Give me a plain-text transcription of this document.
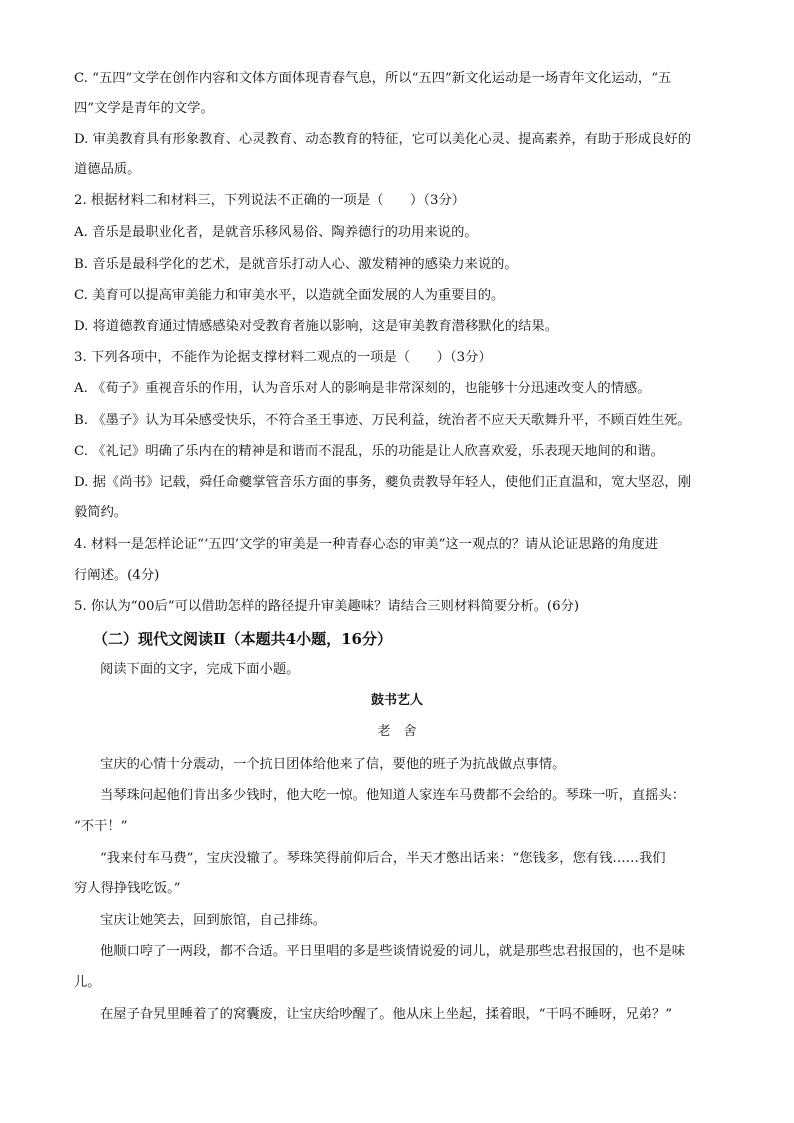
C. “五四”文学在创作内容和文体方面体现青春气息，所以“五四”新文化运动是一场青年文化运动，“五
四”文学是青年的文学。
D. 审美教育具有形象教育、心灵教育、动态教育的特征，它可以美化心灵、提高素养，有助于形成良好的
道德品质。
2. 根据材料二和材料三，下列说法不正确的一项是（　　）（3分）
A. 音乐是最职业化者，是就音乐移风易俗、陶养德行的功用来说的。
B. 音乐是最科学化的艺术，是就音乐打动人心、激发精神的感染力来说的。
C. 美育可以提高审美能力和审美水平，以造就全面发展的人为重要目的。
D. 将道德教育通过情感感染对受教育者施以影响，这是审美教育潜移默化的结果。
3. 下列各项中，不能作为论据支撑材料二观点的一项是（　　）（3分）
A. 《荀子》重视音乐的作用，认为音乐对人的影响是非常深刻的，也能够十分迅速改变人的情感。
B. 《墨子》认为耳朵感受快乐，不符合圣王事迹、万民利益，统治者不应天天歌舞升平，不顾百姓生死。
C. 《礼记》明确了乐内在的精神是和谐而不混乱，乐的功能是让人欣喜欢爱，乐表现天地间的和谐。
D. 据《尚书》记载，舜任命夔掌管音乐方面的事务，夔负责教导年轻人，使他们正直温和，宽大坚忍，刚
毅简约。
4. 材料一是怎样论证“‘五四’文学的审美是一种青春心态的审美”这一观点的？请从论证思路的角度进
行阐述。(4分)
5. 你认为“00后”可以借助怎样的路径提升审美趣味？请结合三则材料简要分析。(6分)
（二）现代文阅读Ⅱ（本题共4小题，16分）
阅读下面的文字，完成下面小题。
鼓书艺人
老　舍
宝庆的心情十分震动，一个抗日团体给他来了信，要他的班子为抗战做点事情。
当琴珠问起他们肯出多少钱时，他大吃一惊。他知道人家连车马费都不会给的。琴珠一听，直摇头：
“不干！”
“我来付车马费”，宝庆没辙了。琴珠笑得前仰后合，半天才憋出话来：“您钱多，您有钱……我们
穷人得挣钱吃饭。”
宝庆让她笑去，回到旅馆，自己排练。
他顺口哼了一两段，都不合适。平日里唱的多是些谈情说爱的词儿，就是那些忠君报国的，也不是味
儿。
在屋子旮旯里睡着了的窝囊废，让宝庆给吵醒了。他从床上坐起，揉着眼，“干吗不睡呀，兄弟？”
